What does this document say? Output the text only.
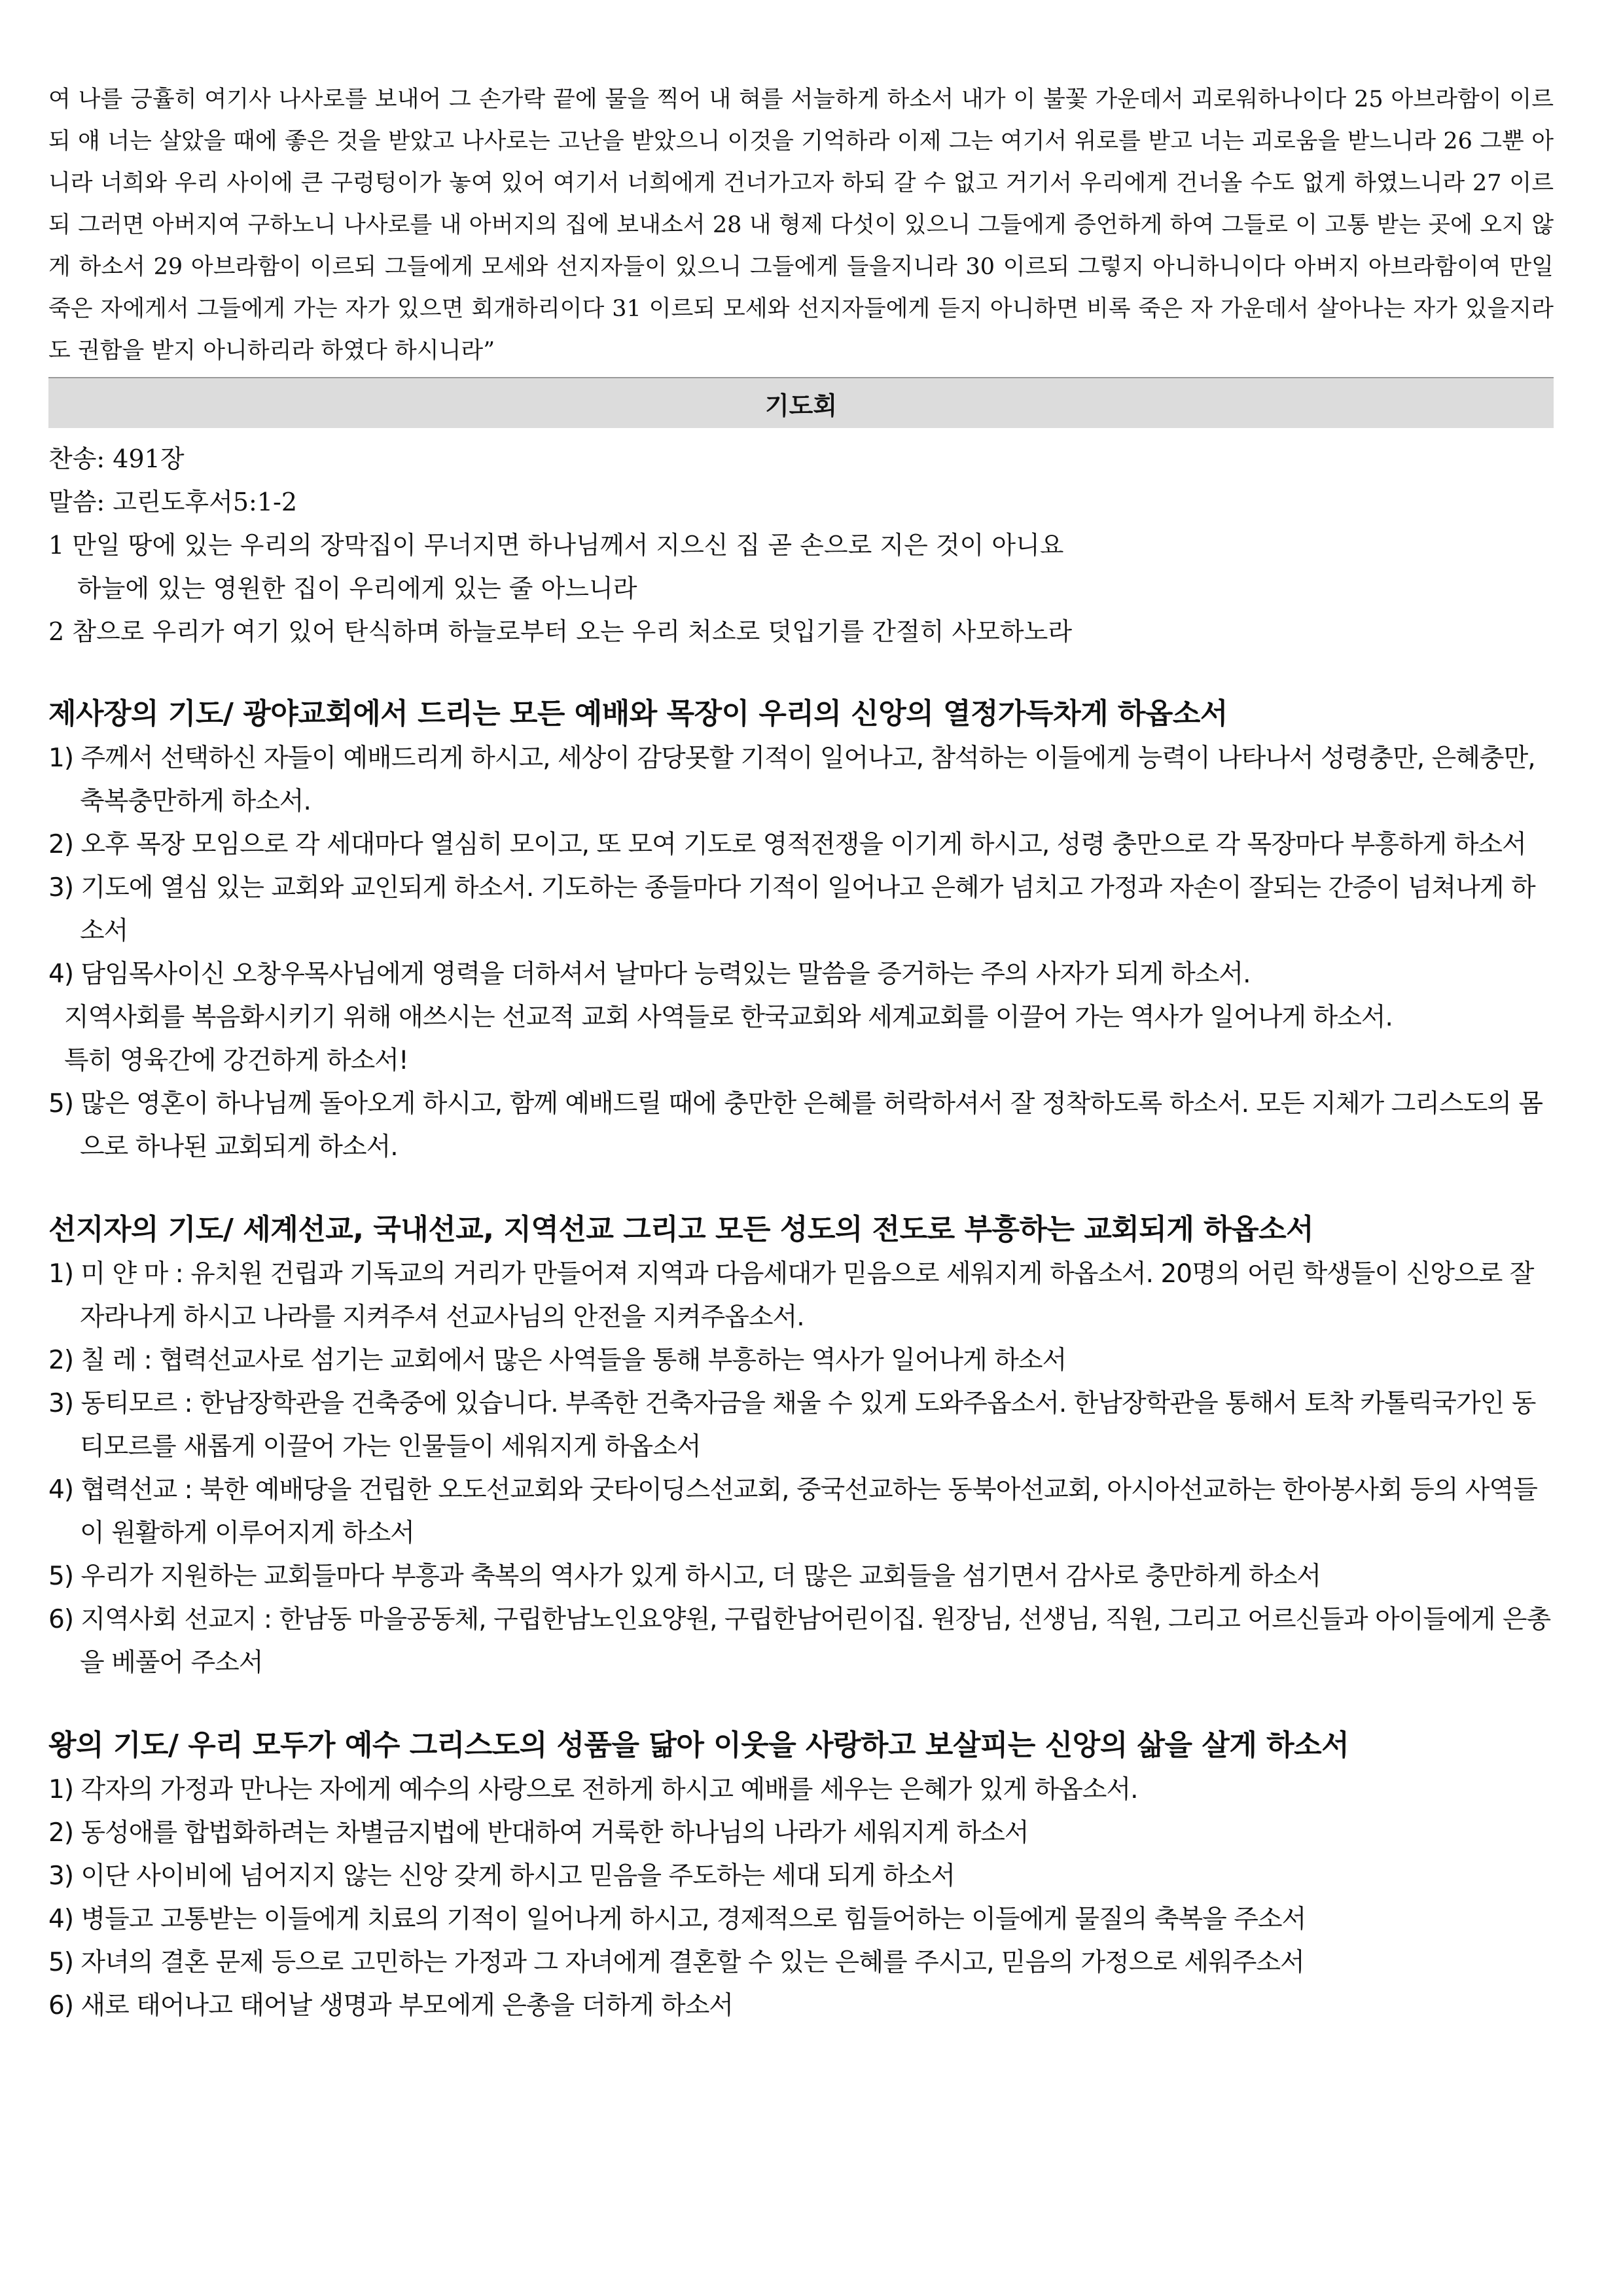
여 나를 긍휼히 여기사 나사로를 보내어 그 손가락 끝에 물을 찍어 내 혀를 서늘하게 하소서 내가 이 불꽃 가운데서 괴로워하나이다 25 아브라함이 이르되 얘 너는 살았을 때에 좋은 것을 받았고 나사로는 고난을 받았으니 이것을 기억하라 이제 그는 여기서 위로를 받고 너는 괴로움을 받느니라 26 그뿐 아니라 너희와 우리 사이에 큰 구렁텅이가 놓여 있어 여기서 너희에게 건너가고자 하되 갈 수 없고 거기서 우리에게 건너올 수도 없게 하였느니라 27 이르되 그러면 아버지여 구하노니 나사로를 내 아버지의 집에 보내소서 28 내 형제 다섯이 있으니 그들에게 증언하게 하여 그들로 이 고통 받는 곳에 오지 않게 하소서 29 아브라함이 이르되 그들에게 모세와 선지자들이 있으니 그들에게 들을지니라 30 이르되 그렇지 아니하니이다 아버지 아브라함이여 만일 죽은 자에게서 그들에게 가는 자가 있으면 회개하리이다 31 이르되 모세와 선지자들에게 듣지 아니하면 비록 죽은 자 가운데서 살아나는 자가 있을지라도 권함을 받지 아니하리라 하였다 하시니라”

기도회
찬송: 491장
말씀: 고린도후서5:1-2
1 만일 땅에 있는 우리의 장막집이 무너지면 하나님께서 지으신 집 곧 손으로 지은 것이 아니요
하늘에 있는 영원한 집이 우리에게 있는 줄 아느니라
2 참으로 우리가 여기 있어 탄식하며 하늘로부터 오는 우리 처소로 덧입기를 간절히 사모하노라
제사장의 기도/ 광야교회에서 드리는 모든 예배와 목장이 우리의 신앙의 열정가득차게 하옵소서
1) 주께서 선택하신 자들이 예배드리게 하시고, 세상이 감당못할 기적이 일어나고, 참석하는 이들에게 능력이 나타나서 성령충만, 은혜충만, 축복충만하게 하소서.
2) 오후 목장 모임으로 각 세대마다 열심히 모이고, 또 모여 기도로 영적전쟁을 이기게 하시고, 성령 충만으로 각 목장마다 부흥하게 하소서
3) 기도에 열심 있는 교회와 교인되게 하소서. 기도하는 종들마다 기적이 일어나고 은혜가 넘치고 가정과 자손이 잘되는 간증이 넘쳐나게 하소서
4) 담임목사이신 오창우목사님에게 영력을 더하셔서 날마다 능력있는 말씀을 증거하는 주의 사자가 되게 하소서.
지역사회를 복음화시키기 위해 애쓰시는 선교적 교회 사역들로 한국교회와 세계교회를 이끌어 가는 역사가 일어나게 하소서.
특히 영육간에 강건하게 하소서!
5) 많은 영혼이 하나님께 돌아오게 하시고, 함께 예배드릴 때에 충만한 은혜를 허락하셔서 잘 정착하도록 하소서. 모든 지체가 그리스도의 몸으로 하나된 교회되게 하소서.
선지자의 기도/ 세계선교, 국내선교, 지역선교 그리고 모든 성도의 전도로 부흥하는 교회되게 하옵소서
1) 미 얀 마 : 유치원 건립과 기독교의 거리가 만들어져 지역과 다음세대가 믿음으로 세워지게 하옵소서. 20명의 어린 학생들이 신앙으로 잘 자라나게 하시고 나라를 지켜주셔 선교사님의 안전을 지켜주옵소서.
2) 칠 레 : 협력선교사로 섬기는 교회에서 많은 사역들을 통해 부흥하는 역사가 일어나게 하소서
3) 동티모르 : 한남장학관을 건축중에 있습니다. 부족한 건축자금을 채울 수 있게 도와주옵소서. 한남장학관을 통해서 토착 카톨릭국가인 동티모르를 새롭게 이끌어 가는 인물들이 세워지게 하옵소서
4) 협력선교 : 북한 예배당을 건립한 오도선교회와 굿타이딩스선교회, 중국선교하는 동북아선교회, 아시아선교하는 한아봉사회 등의 사역들이 원활하게 이루어지게 하소서
5) 우리가 지원하는 교회들마다 부흥과 축복의 역사가 있게 하시고, 더 많은 교회들을 섬기면서 감사로 충만하게 하소서
6) 지역사회 선교지 : 한남동 마을공동체, 구립한남노인요양원, 구립한남어린이집. 원장님, 선생님, 직원, 그리고 어르신들과 아이들에게 은총을 베풀어 주소서
왕의 기도/ 우리 모두가 예수 그리스도의 성품을 닮아 이웃을 사랑하고 보살피는 신앙의 삶을 살게 하소서
1) 각자의 가정과 만나는 자에게 예수의 사랑으로 전하게 하시고 예배를 세우는 은혜가 있게 하옵소서.
2) 동성애를 합법화하려는 차별금지법에 반대하여 거룩한 하나님의 나라가 세워지게 하소서
3) 이단 사이비에 넘어지지 않는 신앙 갖게 하시고 믿음을 주도하는 세대 되게 하소서
4) 병들고 고통받는 이들에게 치료의 기적이 일어나게 하시고, 경제적으로 힘들어하는 이들에게 물질의 축복을 주소서
5) 자녀의 결혼 문제 등으로 고민하는 가정과 그 자녀에게 결혼할 수 있는 은혜를 주시고, 믿음의 가정으로 세워주소서
6) 새로 태어나고 태어날 생명과 부모에게 은총을 더하게 하소서
